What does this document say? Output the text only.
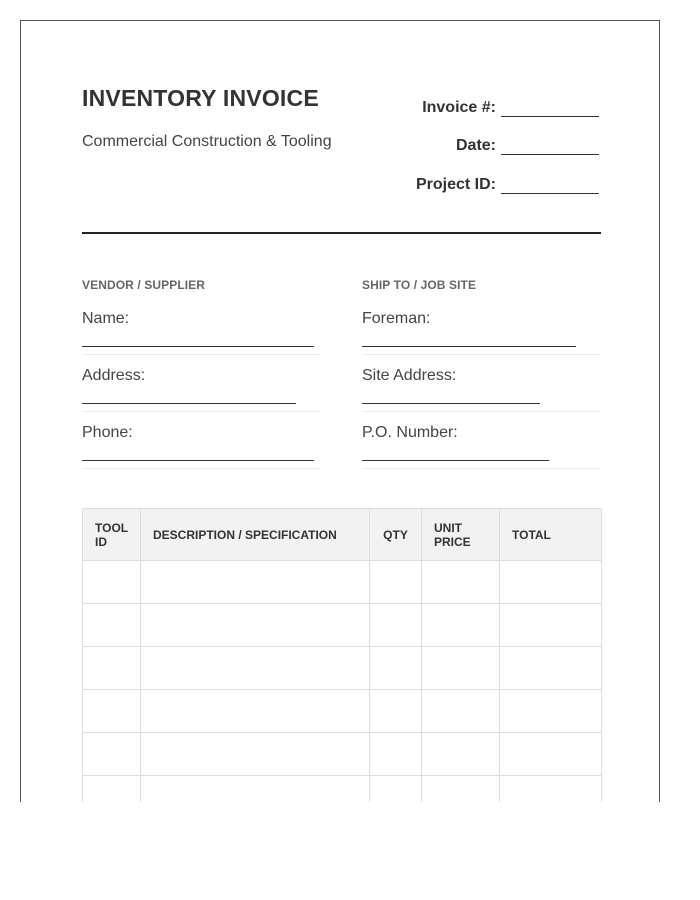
INVENTORY INVOICE
Commercial Construction & Tooling
Invoice #:
Date:
Project ID:
VENDOR / SUPPLIER
Name:
Address:
Phone:
SHIP TO / JOB SITE
Foreman:
Site Address:
P.O. Number:
TOOL ID	DESCRIPTION / SPECIFICATION	QTY	UNIT PRICE	TOTAL
